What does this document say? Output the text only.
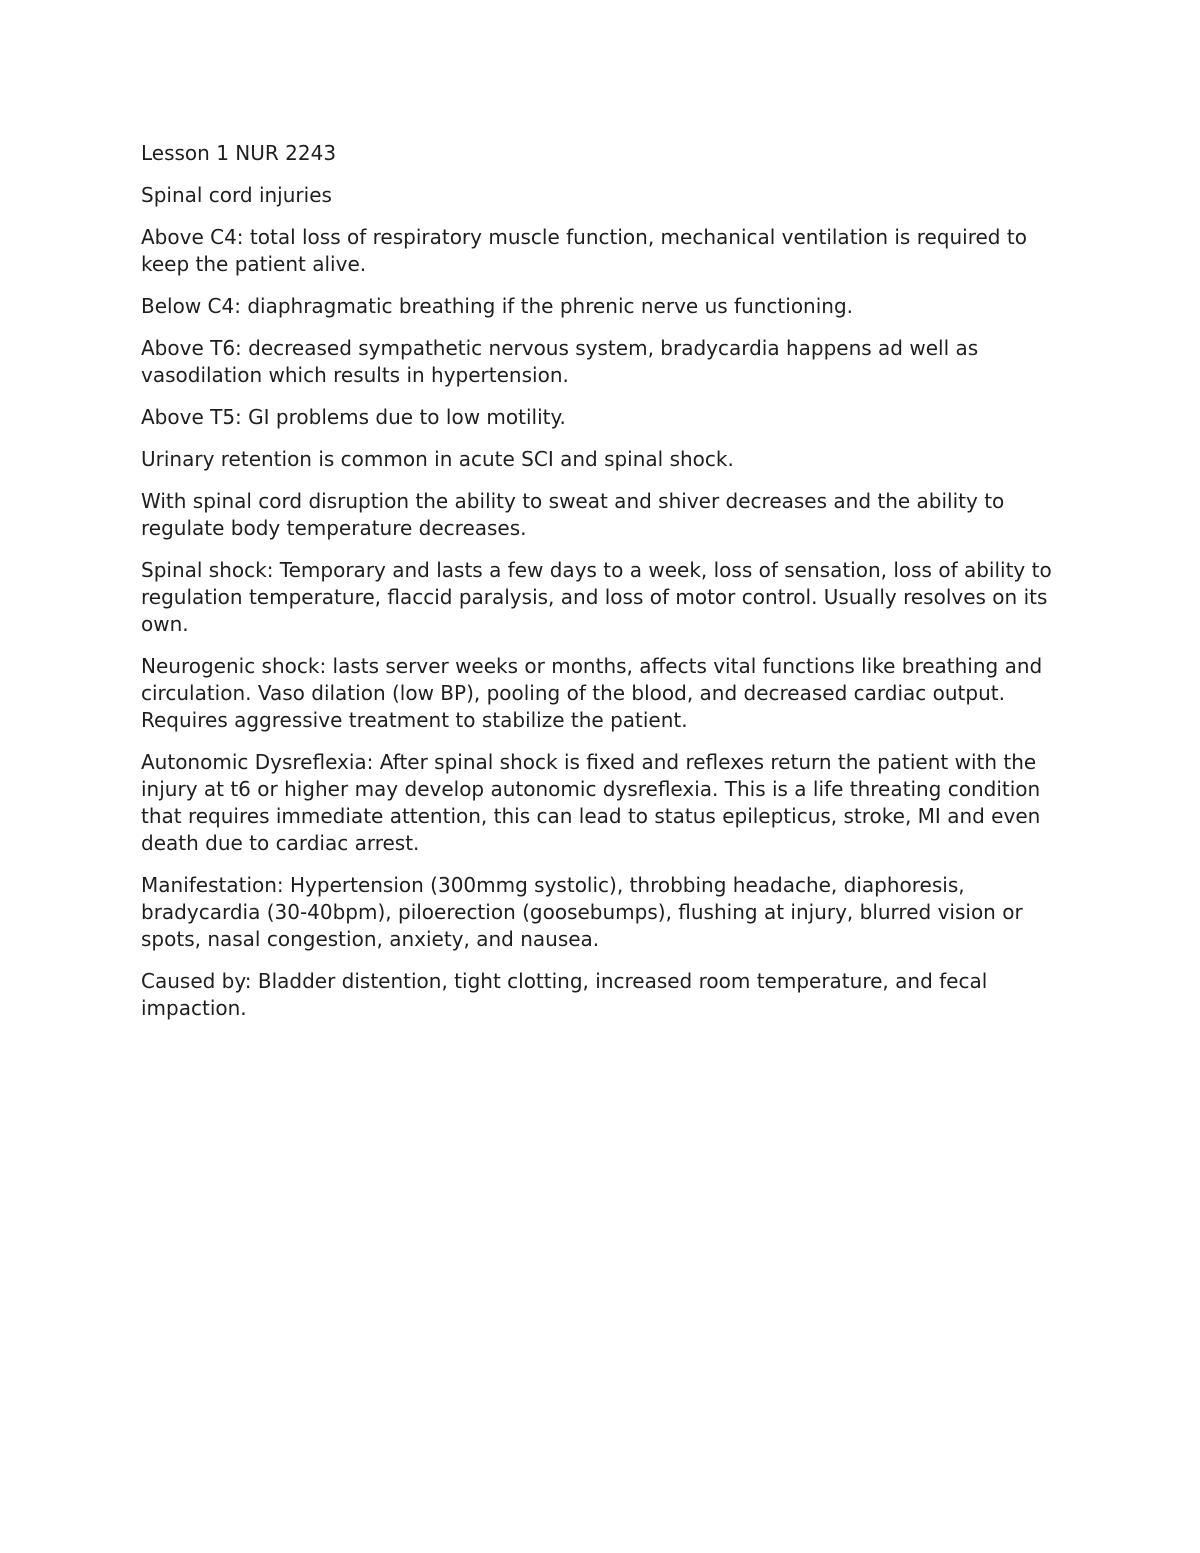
Lesson 1 NUR 2243

Spinal cord injuries

Above C4: total loss of respiratory muscle function, mechanical ventilation is required to keep the patient alive.

Below C4: diaphragmatic breathing if the phrenic nerve us functioning.

Above T6: decreased sympathetic nervous system, bradycardia happens ad well as vasodilation which results in hypertension.

Above T5: GI problems due to low motility.

Urinary retention is common in acute SCI and spinal shock.

With spinal cord disruption the ability to sweat and shiver decreases and the ability to regulate body temperature decreases.

Spinal shock: Temporary and lasts a few days to a week, loss of sensation, loss of ability to regulation temperature, flaccid paralysis, and loss of motor control. Usually resolves on its own.

Neurogenic shock: lasts server weeks or months, affects vital functions like breathing and circulation. Vaso dilation (low BP), pooling of the blood, and decreased cardiac output. Requires aggressive treatment to stabilize the patient.

Autonomic Dysreflexia: After spinal shock is fixed and reflexes return the patient with the injury at t6 or higher may develop autonomic dysreflexia. This is a life threating condition that requires immediate attention, this can lead to status epilepticus, stroke, MI and even death due to cardiac arrest.

Manifestation: Hypertension (300mmg systolic), throbbing headache, diaphoresis, bradycardia (30-40bpm), piloerection (goosebumps), flushing at injury, blurred vision or spots, nasal congestion, anxiety, and nausea.

Caused by: Bladder distention, tight clotting, increased room temperature, and fecal impaction.
